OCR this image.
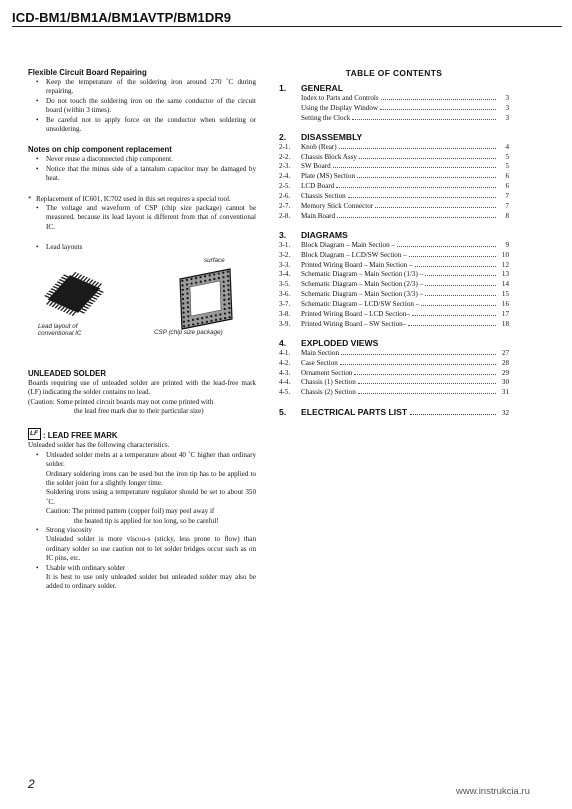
ICD-BM1/BM1A/BM1AVTP/BM1DR9
Flexible Circuit Board Repairing
• Keep the temperature of the soldering iron around 270 ˚C during repairing.
• Do not touch the soldering iron on the same conductor of the circuit board (within 3 times).
• Be careful not to apply force on the conductor when soldering or unsoldering.
Notes on chip component replacement
• Never reuse a disconnected chip component.
• Notice that the minus side of a tantalum capacitor may be damaged by heat.
* Replacement of IC601, IC702 used in this set requires a special tool.
• The voltage and waveform of CSP (chip size package) cannot be measured, because its lead layout is different from that of conventional IC.
• Lead layouts
Lead layout of
conventional IC
surface
CSP (chip size package)
UNLEADED SOLDER
Boards requiring use of unleaded solder are printed with the lead-free mark (LF) indicating the solder contains no lead.
(Caution: Some printed circuit boards may not come printed with
the lead free mark due to their particular size)
LF : LEAD FREE MARK
Unleaded solder has the following characteristics.
• Unleaded solder melts at a temperature about 40 ˚C higher than ordinary solder.
Ordinary soldering irons can be used but the iron tip has to be applied to the solder joint for a slightly longer time.
Soldering irons using a temperature regulator should be set to about 350 ˚C.
Caution: The printed pattern (copper foil) may peel away if
the heated tip is applied for too long, so be careful!
• Strong viscosity
Unleaded solder is more viscou-s (sticky, less prone to flow) than ordinary solder so use caution not to let solder bridges occur such as on IC pins, etc.
• Usable with ordinary solder
It is best to use only unleaded solder but unleaded solder may also be added to ordinary solder.
TABLE OF CONTENTS
1.	GENERAL
Index to Parts and Controls	3
Using the Display Window	3
Setting the Clock	3
2.	DISASSEMBLY
2-1.	Knob (Rear)	4
2-2.	Chassis Block Assy	5
2-3.	SW Board	5
2-4.	Plate (MS) Section	6
2-5.	LCD Board	6
2-6.	Chassis Section	7
2-7.	Memory Stick Connector	7
2-8.	Main Board	8
3.	DIAGRAMS
3-1.	Block Diagram – Main Section –	9
3-2.	Block Diagram – LCD/SW Section –	10
3-3.	Printed Wiring Board – Main Section –	12
3-4.	Schematic Diagram – Main Section (1/3) –	13
3-5.	Schematic Diagram – Main Section (2/3) –	14
3-6.	Schematic Diagram – Main Section (3/3) –	15
3-7.	Schematic Diagram – LCD/SW Section –	16
3-8.	Printed Wiring Board – LCD Section–	17
3-9.	Printed Wiring Board – SW Section–	18
4.	EXPLODED VIEWS
4-1.	Main Section	27
4-2.	Case Section	28
4-3.	Ornament Section	29
4-4.	Chassis (1) Section	30
4-5.	Chassis (2) Section	31
5.	ELECTRICAL PARTS LIST	32
2
www.instrukcia.ru
